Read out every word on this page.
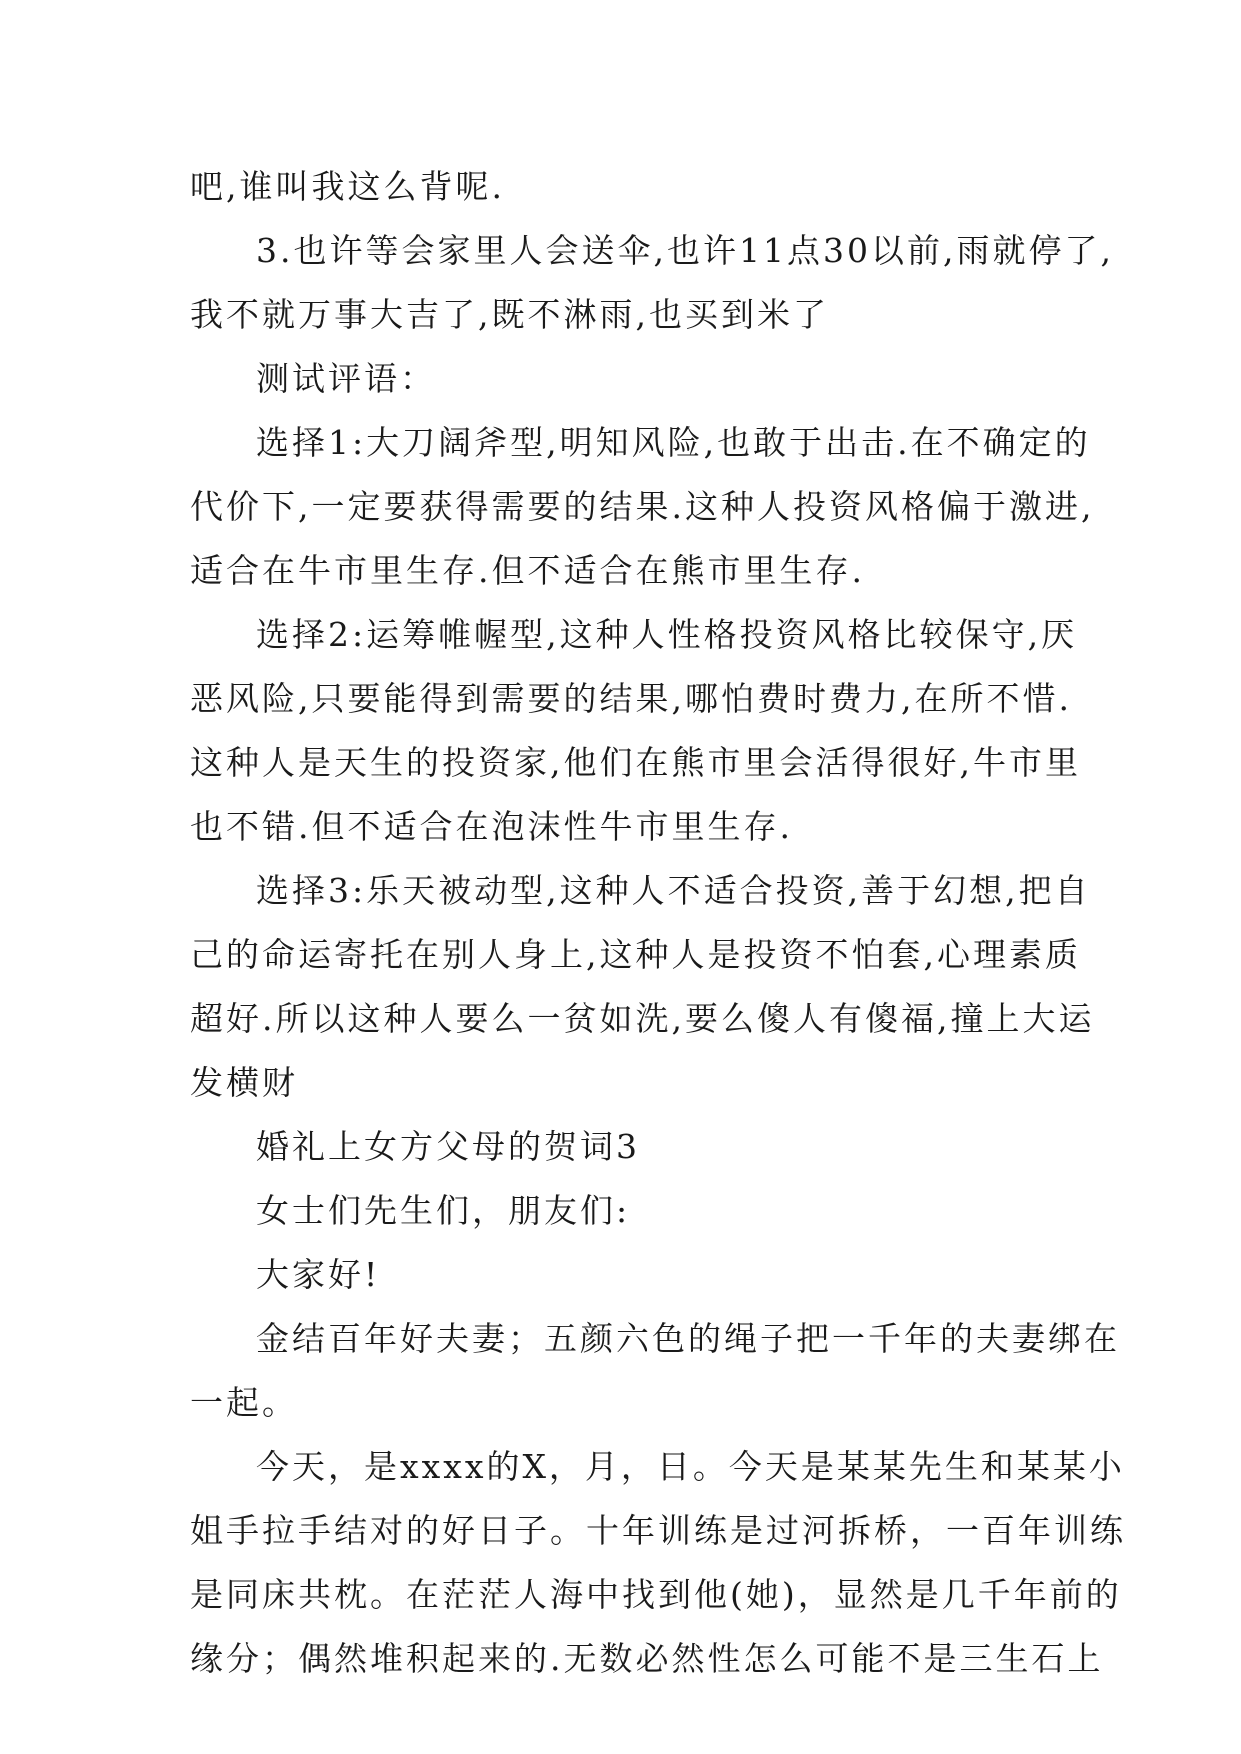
吧,谁叫我这么背呢.
3.也许等会家里人会送伞,也许11点30以前,雨就停了,
我不就万事大吉了,既不淋雨,也买到米了
测试评语：
选择1:大刀阔斧型,明知风险,也敢于出击.在不确定的
代价下,一定要获得需要的结果.这种人投资风格偏于激进,
适合在牛市里生存.但不适合在熊市里生存.
选择2:运筹帷幄型,这种人性格投资风格比较保守,厌
恶风险,只要能得到需要的结果,哪怕费时费力,在所不惜.
这种人是天生的投资家,他们在熊市里会活得很好,牛市里
也不错.但不适合在泡沫性牛市里生存.
选择3:乐天被动型,这种人不适合投资,善于幻想,把自
己的命运寄托在别人身上,这种人是投资不怕套,心理素质
超好.所以这种人要么一贫如洗,要么傻人有傻福,撞上大运
发横财
婚礼上女方父母的贺词3
女士们先生们，朋友们:
大家好!
金结百年好夫妻；五颜六色的绳子把一千年的夫妻绑在
一起。
今天，是xxxx的X，月，日。今天是某某先生和某某小
姐手拉手结对的好日子。十年训练是过河拆桥，一百年训练
是同床共枕。在茫茫人海中找到他(她)，显然是几千年前的
缘分；偶然堆积起来的.无数必然性怎么可能不是三生石上
